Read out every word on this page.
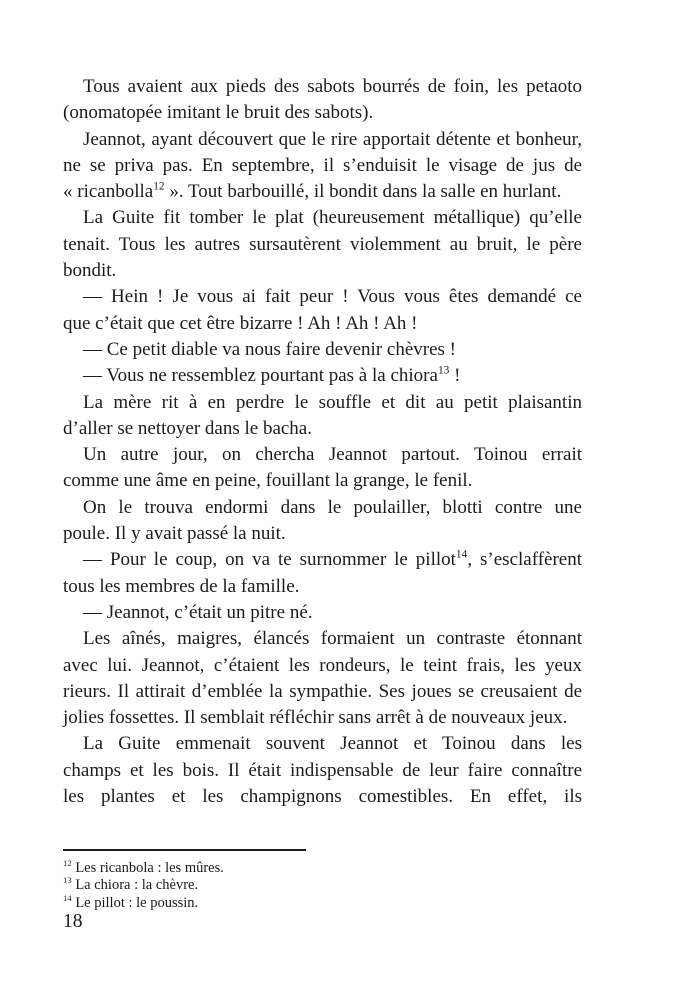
Tous avaient aux pieds des sabots bourrés de foin, les petaoto
(onomatopée imitant le bruit des sabots).
Jeannot, ayant découvert que le rire apportait détente et bonheur,
ne se priva pas. En septembre, il s’enduisit le visage de jus de
« ricanbolla$^{12}$ ». Tout barbouillé, il bondit dans la salle en hurlant.
La Guite fit tomber le plat (heureusement métallique) qu’elle
tenait. Tous les autres sursautèrent violemment au bruit, le père
bondit.
— Hein ! Je vous ai fait peur ! Vous vous êtes demandé ce
que c’était que cet être bizarre ! Ah ! Ah ! Ah !
— Ce petit diable va nous faire devenir chèvres !
— Vous ne ressemblez pourtant pas à la chiora$^{13}$ !
La mère rit à en perdre le souffle et dit au petit plaisantin
d’aller se nettoyer dans le bacha.
Un autre jour, on chercha Jeannot partout. Toinou errait
comme une âme en peine, fouillant la grange, le fenil.
On le trouva endormi dans le poulailler, blotti contre une
poule. Il y avait passé la nuit.
— Pour le coup, on va te surnommer le pillot$^{14}$, s’esclaffèrent
tous les membres de la famille.
— Jeannot, c’était un pitre né.
Les aînés, maigres, élancés formaient un contraste étonnant
avec lui. Jeannot, c’étaient les rondeurs, le teint frais, les yeux
rieurs. Il attirait d’emblée la sympathie. Ses joues se creusaient de
jolies fossettes. Il semblait réfléchir sans arrêt à de nouveaux jeux.
La Guite emmenait souvent Jeannot et Toinou dans les
champs et les bois. Il était indispensable de leur faire connaître
les plantes et les champignons comestibles. En effet, ils
$^{12}$ Les ricanbola : les mûres.
$^{13}$ La chiora : la chèvre.
$^{14}$ Le pillot : le poussin.
18
